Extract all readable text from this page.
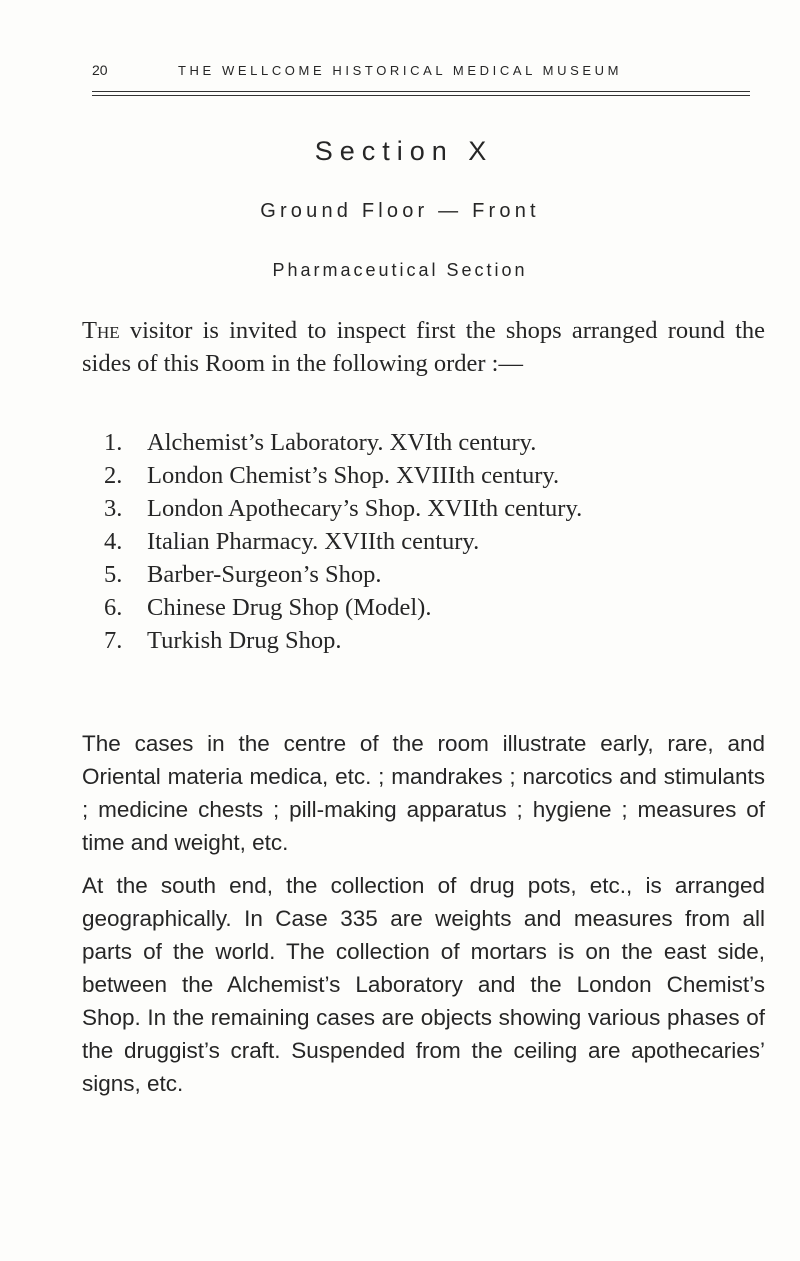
20	THE WELLCOME HISTORICAL MEDICAL MUSEUM
Section X
Ground Floor — Front
Pharmaceutical Section

The visitor is invited to inspect first the shops arranged round the sides of this Room in the following order :—

1. Alchemist’s Laboratory. XVIth century.
2. London Chemist’s Shop. XVIIIth century.
3. London Apothecary’s Shop. XVIIth century.
4. Italian Pharmacy. XVIIth century.
5. Barber-Surgeon’s Shop.
6. Chinese Drug Shop (Model).
7. Turkish Drug Shop.

The cases in the centre of the room illustrate early, rare, and Oriental materia medica, etc. ; mandrakes ; narcotics and stimulants ; medicine chests ; pill-making apparatus ; hygiene ; measures of time and weight, etc.

At the south end, the collection of drug pots, etc., is arranged geographically. In Case 335 are weights and measures from all parts of the world. The collection of mortars is on the east side, between the Alchemist’s Laboratory and the London Chemist’s Shop. In the remaining cases are objects showing various phases of the druggist’s craft. Suspended from the ceiling are apothecaries’ signs, etc.
